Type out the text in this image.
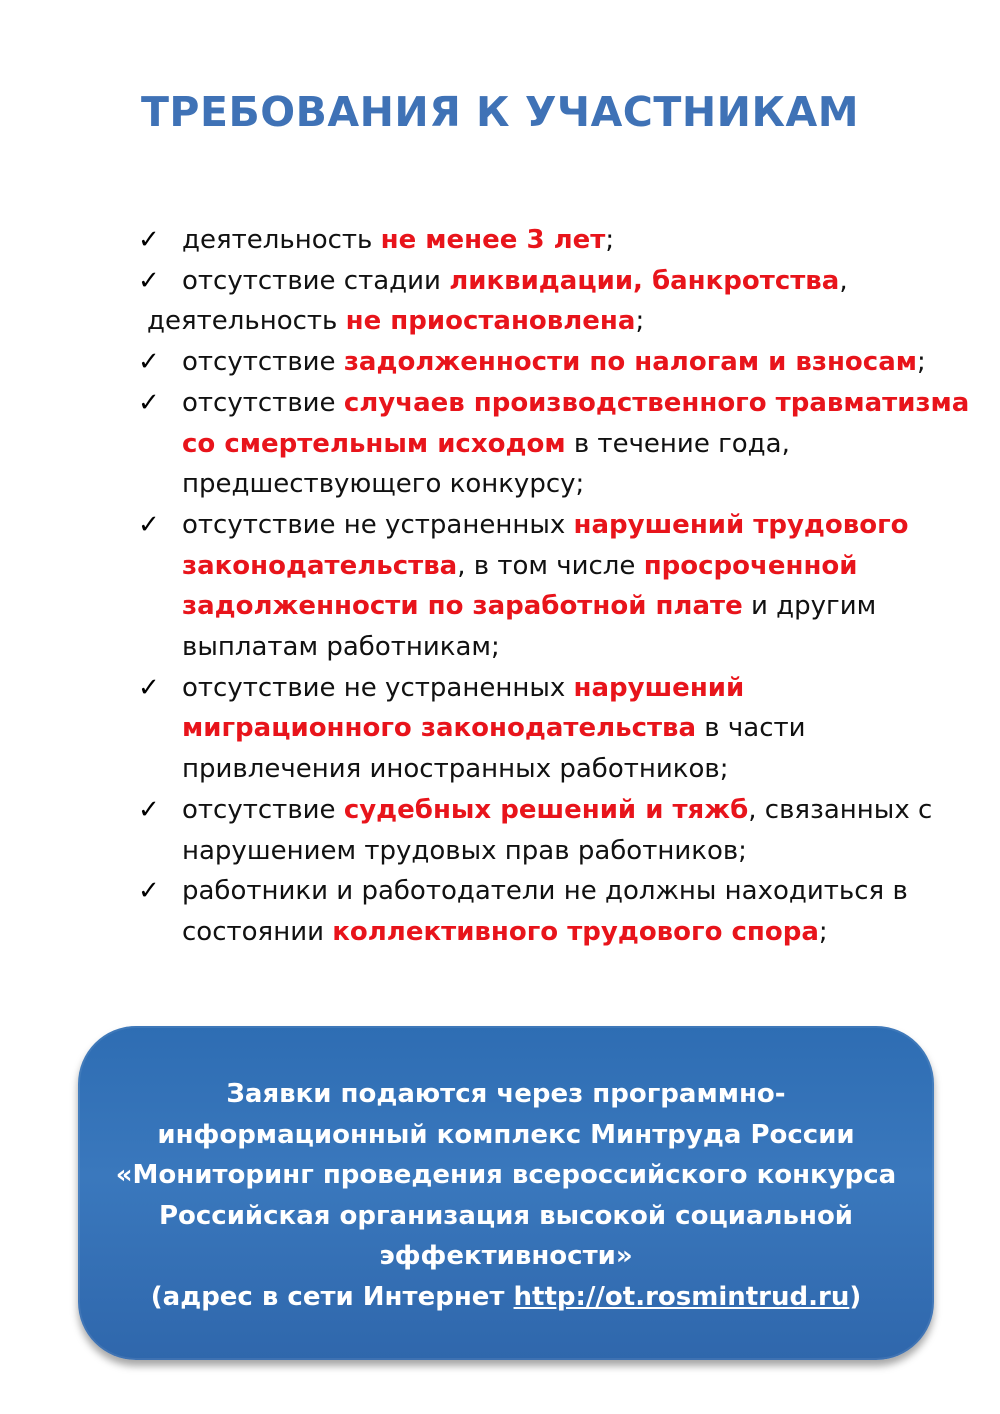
ТРЕБОВАНИЯ К УЧАСТНИКАМ
✓ деятельность не менее 3 лет;
✓ отсутствие стадии ликвидации, банкротства,
деятельность не приостановлена;
✓ отсутствие задолженности по налогам и взносам;
✓ отсутствие случаев производственного травматизма со смертельным исходом в течение года, предшествующего конкурсу;
✓ отсутствие не устраненных нарушений трудового законодательства, в том числе просроченной задолженности по заработной плате и другим выплатам работникам;
✓ отсутствие не устраненных нарушений миграционного законодательства в части привлечения иностранных работников;
✓ отсутствие судебных решений и тяжб, связанных с нарушением трудовых прав работников;
✓ работники и работодатели не должны находиться в состоянии коллективного трудового спора;

Заявки подаются через программно-
информационный комплекс Минтруда России
«Мониторинг проведения всероссийского конкурса
Российская организация высокой социальной
эффективности»
(адрес в сети Интернет http://ot.rosmintrud.ru)
